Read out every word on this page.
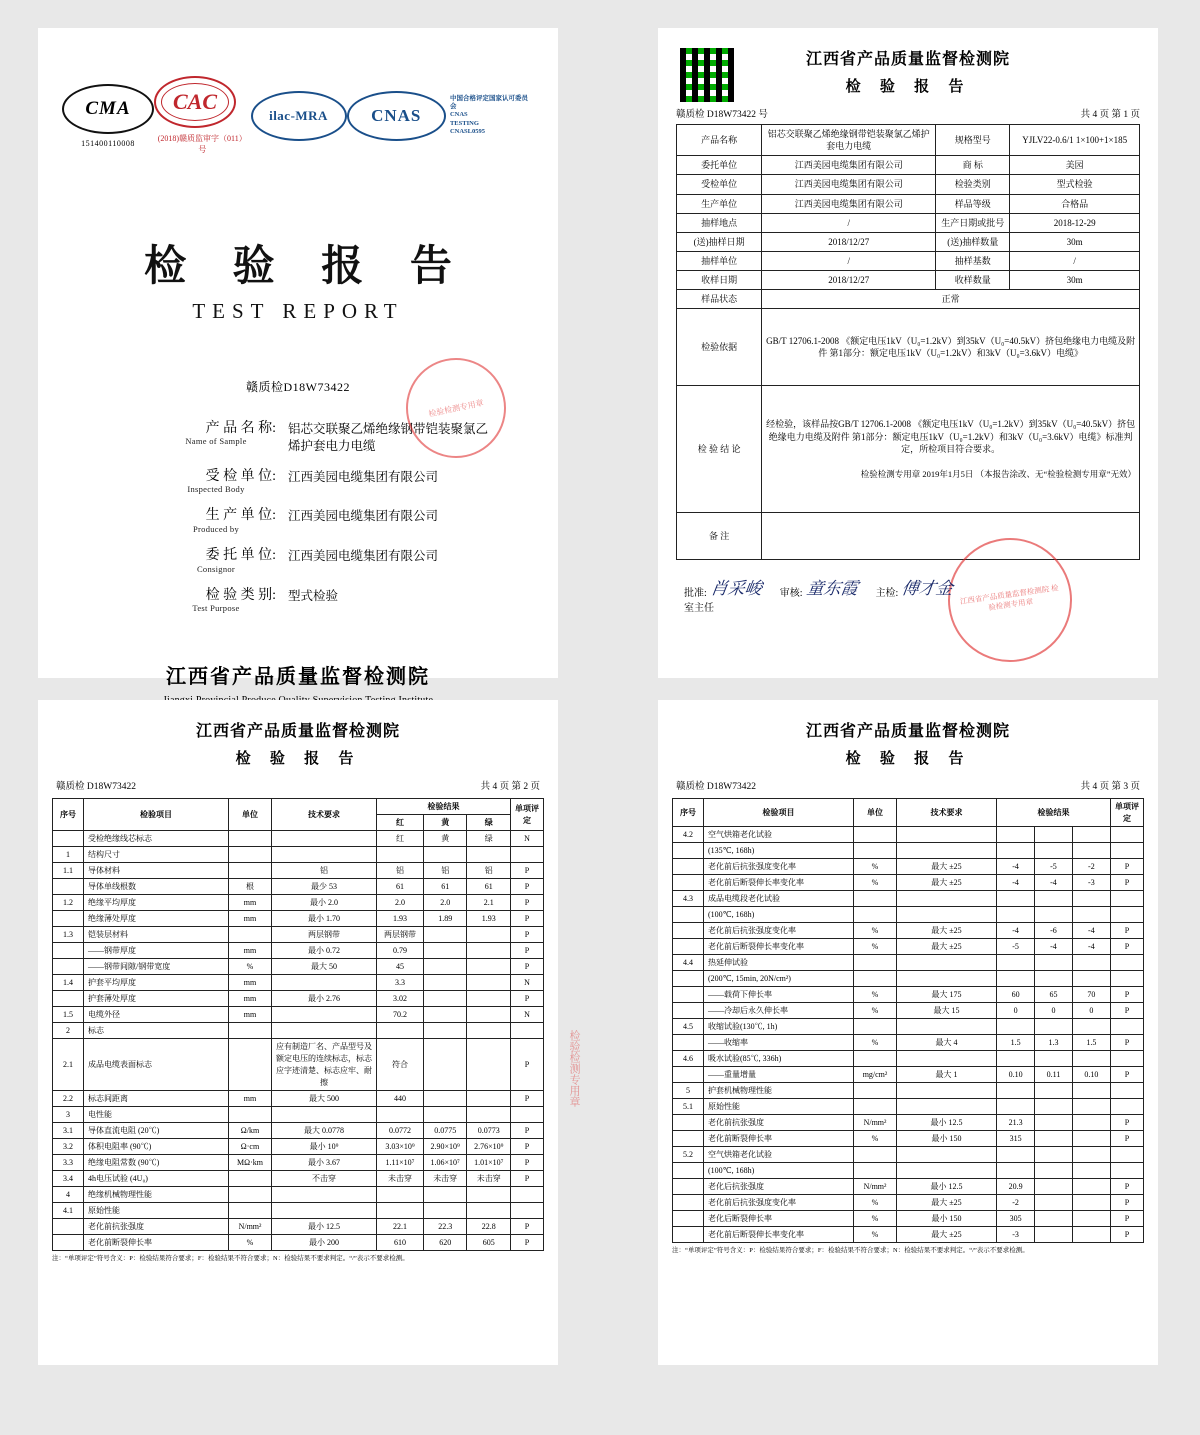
CMA
151400110008
CAC
(2018)赣质监审字（011）号
ilac-MRA	CNAS
中国合格评定国家认可委员会
CNAS
TESTING
CNASL0595
检 验 报 告
TEST REPORT
赣质检D18W73422
产 品 名 称:
Name of Sample
铝芯交联聚乙烯绝缘钢带铠装聚氯乙烯护套电力电缆
受 检 单 位:
Inspected Body
江西美园电缆集团有限公司
生 产 单 位:
Produced by
江西美园电缆集团有限公司
委 托 单 位:
Consignor
江西美园电缆集团有限公司
检 验 类 别:
Test Purpose
型式检验
江西省产品质量监督检测院
检验检测专用章
江西省产品质量监督检测院
检 验 报 告
赣质检 D18W73422 号	共 4 页 第 1 页
产品名称	铝芯交联聚乙烯绝缘钢带铠装聚氯乙烯护套电力电缆	规格型号	YJLV22-0.6/1 1×100+1×185
委托单位	江西美园电缆集团有限公司	商 标	美园
受检单位	江西美园电缆集团有限公司	检验类别	型式检验
生产单位	江西美园电缆集团有限公司	样品等级	合格品
抽样地点	/	生产日期或批号	2018-12-29
(送)抽样日期	2018/12/27	(送)抽样数量	30m
抽样单位	/	抽样基数	/
收样日期	2018/12/27	收样数量	30m
样品状态	正常		
检验依据	GB/T 12706.1-2008 《额定电压1kV（U₀=1.2kV）到35kV（U₀=40.5kV）挤包绝缘电力电缆及附件 第1部分：额定电压1kV（U₀=1.2kV）和3kV（U₀=3.6kV）电缆》		
检 验 结 论	经检验，该样品按GB/T 12706.1-2008 《额定电压1kV（U₀=1.2kV）到35kV（U₀=40.5kV）挤包绝缘电力电缆及附件 第1部分：额定电压1kV（U₀=1.2kV）和3kV（U₀=3.6kV）电缆》标准判定，所检项目符合要求。
检验检测专用章 2019年1月5日 （本报告涂改、无“检验检测专用章”无效）		

备 注			
江西省产品质量监督检测院 检验检测专用章
批准: 肖采峻 审核: 童东霞 主检: 傅才金
室主任
江西省产品质量监督检测院
检 验 报 告
赣质检 D18W73422	共 4 页 第 2 页
序号	检验项目	单位	技术要求	检验结果			单项评定
				红	黄	绿	
	受检绝缘线芯标志			红	黄	绿	N
1	结构尺寸						
1.1	导体材料		铝	铝	铝	铝	P
	导体单线根数	根	最少 53	61	61	61	P
1.2	绝缘平均厚度	mm	最小 2.0	2.0	2.0	2.1	P
	绝缘薄处厚度	mm	最小 1.70	1.93	1.89	1.93	P
1.3	铠装层材料		两层钢带	两层钢带			P
	——钢带厚度	mm	最小 0.72	0.79			P
	——钢带间隙/钢带宽度	%	最大 50	45			P
1.4	护套平均厚度	mm		3.3			N
	护套薄处厚度	mm	最小 2.76	3.02			P
1.5	电缆外径	mm		70.2			N
2	标志						
2.1	成品电缆表面标志		应有制造厂名、产品型号及额定电压的连续标志，标志应字迹清楚、标志应牢、耐擦	符合			P
2.2	标志间距离	mm	最大 500	440			P
3	电性能						
3.1	导体直流电阻 (20℃)	Ω/km	最大 0.0778	0.0772	0.0775	0.0773	P
3.2	体积电阻率 (90℃)	Ω·cm	最小 10⁹	3.03×10⁹	2.90×10⁹	2.76×10⁹	P
3.3	绝缘电阻常数 (90℃)	MΩ·km	最小 3.67	1.11×10⁷	1.06×10⁷	1.01×10⁷	P
3.4	4h电压试验 (4U₀)		不击穿	未击穿	未击穿	未击穿	P
4	绝缘机械物理性能						
4.1	原始性能						
	老化前抗张强度	N/mm²	最小 12.5	22.1	22.3	22.8	P
	老化前断裂伸长率	%	最小 200	610	620	605	P
注：“单项评定”符号含义：P：检验结果符合要求；F：检验结果不符合要求；N：检验结果不要求判定。“/”表示不要求检测。
检验检测专用章
江西省产品质量监督检测院
检 验 报 告
赣质检 D18W73422	共 4 页 第 3 页
序号	检验项目	单位	技术要求	检验结果			单项评定
4.2	空气烘箱老化试验						
	(135℃, 168h)						
	老化前后抗张强度变化率	%	最大 ±25	-4	-5	-2	P
	老化前后断裂伸长率变化率	%	最大 ±25	-4	-4	-3	P
4.3	成品电缆段老化试验						
	(100℃, 168h)						
	老化前后抗张强度变化率	%	最大 ±25	-4	-6	-4	P
	老化前后断裂伸长率变化率	%	最大 ±25	-5	-4	-4	P
4.4	热延伸试验						
	(200℃, 15min, 20N/cm²)						
	——载荷下伸长率	%	最大 175	60	65	70	P
	——冷却后永久伸长率	%	最大 15	0	0	0	P
4.5	收缩试验(130℃, 1h)						
	——收缩率	%	最大 4	1.5	1.3	1.5	P
4.6	吸水试验(85℃, 336h)						
	——重量增量	mg/cm²	最大 1	0.10	0.11	0.10	P
5	护套机械物理性能						
5.1	原始性能						
	老化前抗张强度	N/mm²	最小 12.5	21.3			P
	老化前断裂伸长率	%	最小 150	315			P
5.2	空气烘箱老化试验						
	(100℃, 168h)						
	老化后抗张强度	N/mm²	最小 12.5	20.9			P
	老化前后抗张强度变化率	%	最大 ±25	-2			P
	老化后断裂伸长率	%	最小 150	305			P
	老化前后断裂伸长率变化率	%	最大 ±25	-3			P
注：“单项评定”符号含义：P：检验结果符合要求；F：检验结果不符合要求；N：检验结果不要求判定。“/”表示不要求检测。
